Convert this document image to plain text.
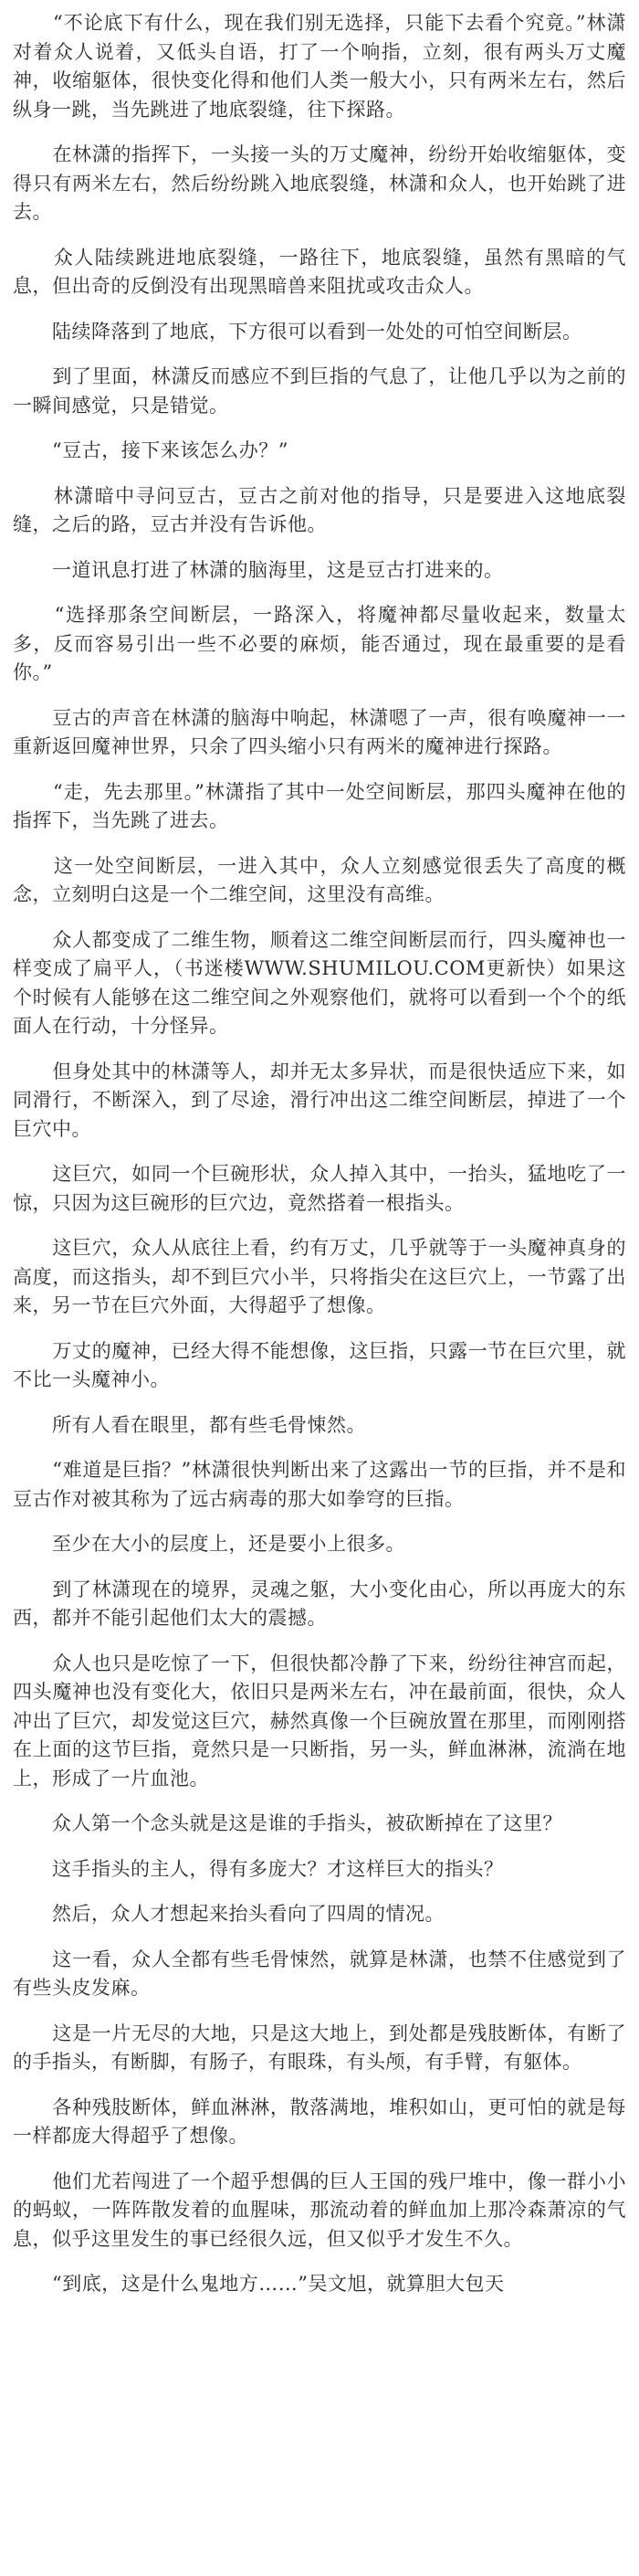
　　“不论底下有什么，现在我们别无选择，只能下去看个究竟。”林潇对着众人说着，又低头自语，打了一个响指，立刻，很有两头万丈魔神，收缩躯体，很快变化得和他们人类一般大小，只有两米左右，然后纵身一跳，当先跳进了地底裂缝，往下探路。

　　在林潇的指挥下，一头接一头的万丈魔神，纷纷开始收缩躯体，变得只有两米左右，然后纷纷跳入地底裂缝，林潇和众人，也开始跳了进去。

　　众人陆续跳进地底裂缝，一路往下，地底裂缝，虽然有黑暗的气息，但出奇的反倒没有出现黑暗兽来阻扰或攻击众人。

　　陆续降落到了地底，下方很可以看到一处处的可怕空间断层。

　　到了里面，林潇反而感应不到巨指的气息了，让他几乎以为之前的一瞬间感觉，只是错觉。

　　“豆古，接下来该怎么办？”

　　林潇暗中寻问豆古，豆古之前对他的指导，只是要进入这地底裂缝，之后的路，豆古并没有告诉他。

　　一道讯息打进了林潇的脑海里，这是豆古打进来的。

　　“选择那条空间断层，一路深入，将魔神都尽量收起来，数量太多，反而容易引出一些不必要的麻烦，能否通过，现在最重要的是看你。”

　　豆古的声音在林潇的脑海中响起，林潇嗯了一声，很有唤魔神一一重新返回魔神世界，只余了四头缩小只有两米的魔神进行探路。

　　“走，先去那里。”林潇指了其中一处空间断层，那四头魔神在他的指挥下，当先跳了进去。

　　这一处空间断层，一进入其中，众人立刻感觉很丢失了高度的概念，立刻明白这是一个二维空间，这里没有高维。

　　众人都变成了二维生物，顺着这二维空间断层而行，四头魔神也一样变成了扁平人，（书迷楼WWW.SHUMILOU.COM更新快）如果这个时候有人能够在这二维空间之外观察他们，就将可以看到一个个的纸面人在行动，十分怪异。

　　但身处其中的林潇等人，却并无太多异状，而是很快适应下来，如同滑行，不断深入，到了尽途，滑行冲出这二维空间断层，掉进了一个巨穴中。

　　这巨穴，如同一个巨碗形状，众人掉入其中，一抬头，猛地吃了一惊，只因为这巨碗形的巨穴边，竟然搭着一根指头。

　　这巨穴，众人从底往上看，约有万丈，几乎就等于一头魔神真身的高度，而这指头，却不到巨穴小半，只将指尖在这巨穴上，一节露了出来，另一节在巨穴外面，大得超乎了想像。

　　万丈的魔神，已经大得不能想像，这巨指，只露一节在巨穴里，就不比一头魔神小。

　　所有人看在眼里，都有些毛骨悚然。

　　“难道是巨指？”林潇很快判断出来了这露出一节的巨指，并不是和豆古作对被其称为了远古病毒的那大如拳穹的巨指。

　　至少在大小的层度上，还是要小上很多。

　　到了林潇现在的境界，灵魂之躯，大小变化由心，所以再庞大的东西，都并不能引起他们太大的震撼。

　　众人也只是吃惊了一下，但很快都冷静了下来，纷纷往神宫而起，四头魔神也没有变化大，依旧只是两米左右，冲在最前面，很快，众人冲出了巨穴，却发觉这巨穴，赫然真像一个巨碗放置在那里，而刚刚搭在上面的这节巨指，竟然只是一只断指，另一头，鲜血淋淋，流淌在地上，形成了一片血池。

　　众人第一个念头就是这是谁的手指头，被砍断掉在了这里？

　　这手指头的主人，得有多庞大？才这样巨大的指头？

　　然后，众人才想起来抬头看向了四周的情况。

　　这一看，众人全都有些毛骨悚然，就算是林潇，也禁不住感觉到了有些头皮发麻。

　　这是一片无尽的大地，只是这大地上，到处都是残肢断体，有断了的手指头，有断脚，有肠子，有眼珠，有头颅，有手臂，有躯体。

　　各种残肢断体，鲜血淋淋，散落满地，堆积如山，更可怕的就是每一样都庞大得超乎了想像。

　　他们尤若闯进了一个超乎想偶的巨人王国的残尸堆中，像一群小小的蚂蚁，一阵阵散发着的血腥味，那流动着的鲜血加上那冷森萧凉的气息，似乎这里发生的事已经很久远，但又似乎才发生不久。

　　“到底，这是什么鬼地方……”吴文旭，就算胆大包天
